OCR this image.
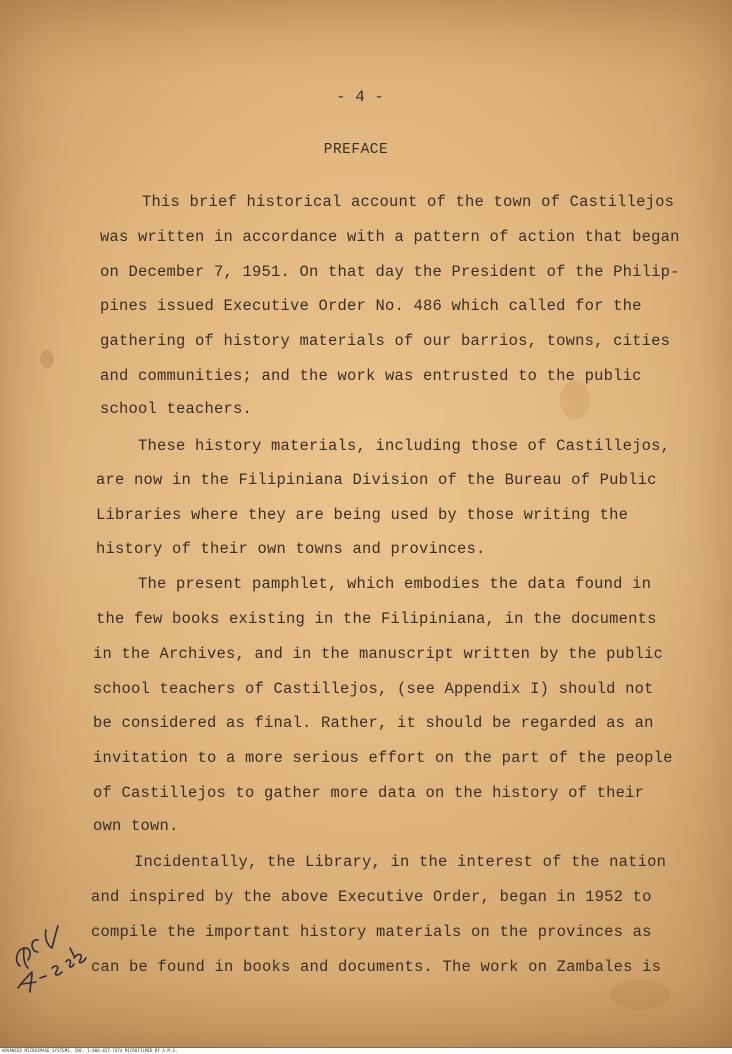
- 4 -
PREFACE
This brief historical account of the town of Castillejos
was written in accordance with a pattern of action that began
on December 7, 1951. On that day the President of the Philip-
pines issued Executive Order No. 486 which called for the
gathering of history materials of our barrios, towns, cities
and communities; and the work was entrusted to the public
school teachers.
These history materials, including those of Castillejos,
are now in the Filipiniana Division of the Bureau of Public
Libraries where they are being used by those writing the
history of their own towns and provinces.
The present pamphlet, which embodies the data found in
the few books existing in the Filipiniana, in the documents
in the Archives, and in the manuscript written by the public
school teachers of Castillejos, (see Appendix I) should not
be considered as final. Rather, it should be regarded as an
invitation to a more serious effort on the part of the people
of Castillejos to gather more data on the history of their
own town.
Incidentally, the Library, in the interest of the nation
and inspired by the above Executive Order, began in 1952 to
compile the important history materials on the provinces as
can be found in books and documents. The work on Zambales is
ADVANCED MICROIMAGE SYSTEMS, INC. 1-800-827-7474 MICROFILMED BY A.M.S.
